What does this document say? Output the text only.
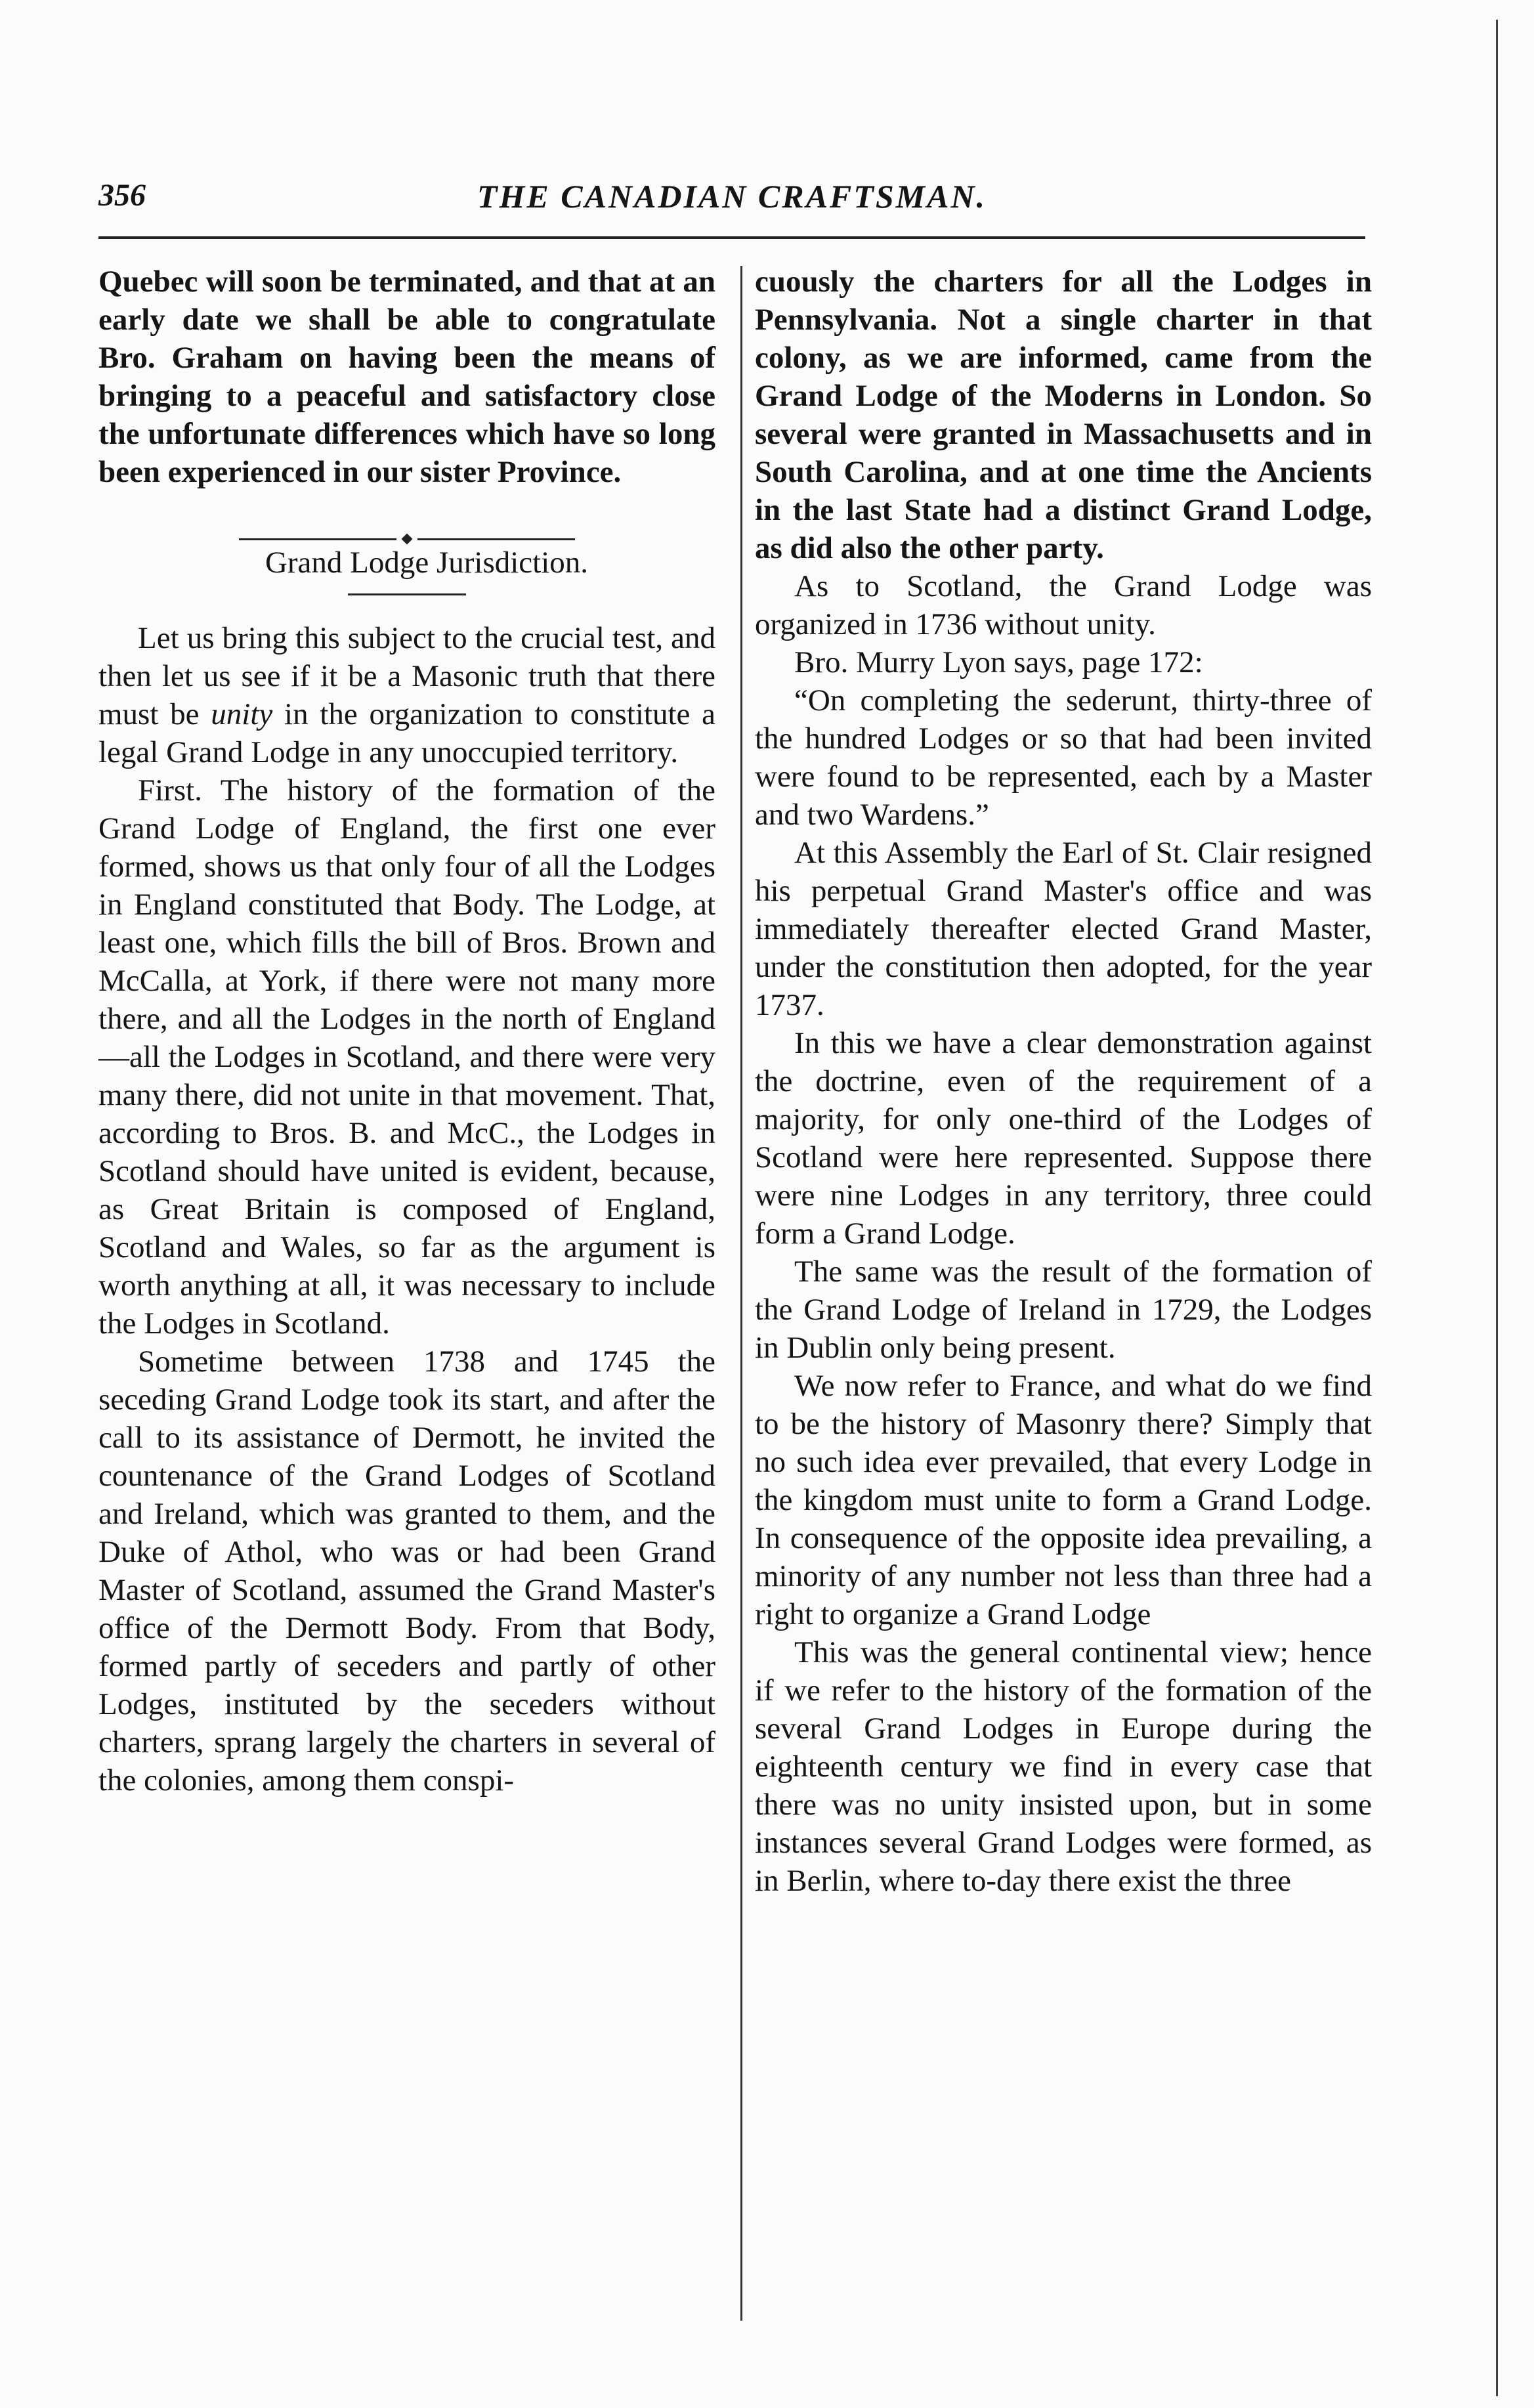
356	THE CANADIAN CRAFTSMAN.

Quebec will soon be terminated, and that at an early date we shall be able to congratulate Bro. Graham on having been the means of bringing to a peaceful and satisfactory close the unfortunate differences which have so long been experienced in our sister Province.

Grand Lodge Jurisdiction.

Let us bring this subject to the crucial test, and then let us see if it be a Masonic truth that there must be unity in the organization to constitute a legal Grand Lodge in any unoccupied territory.

First. The history of the formation of the Grand Lodge of England, the first one ever formed, shows us that only four of all the Lodges in England constituted that Body. The Lodge, at least one, which fills the bill of Bros. Brown and McCalla, at York, if there were not many more there, and all the Lodges in the north of England—all the Lodges in Scotland, and there were very many there, did not unite in that movement. That, according to Bros. B. and McC., the Lodges in Scotland should have united is evident, because, as Great Britain is composed of England, Scotland and Wales, so far as the argument is worth anything at all, it was necessary to include the Lodges in Scotland.

Sometime between 1738 and 1745 the seceding Grand Lodge took its start, and after the call to its assistance of Dermott, he invited the countenance of the Grand Lodges of Scotland and Ireland, which was granted to them, and the Duke of Athol, who was or had been Grand Master of Scotland, assumed the Grand Master's office of the Dermott Body. From that Body, formed partly of seceders and partly of other Lodges, instituted by the seceders without charters, sprang largely the charters in several of the colonies, among them conspi-

cuously the charters for all the Lodges in Pennsylvania. Not a single charter in that colony, as we are informed, came from the Grand Lodge of the Moderns in London. So several were granted in Massachusetts and in South Carolina, and at one time the Ancients in the last State had a distinct Grand Lodge, as did also the other party.

As to Scotland, the Grand Lodge was organized in 1736 without unity.

Bro. Murry Lyon says, page 172:

“On completing the sederunt, thirty-three of the hundred Lodges or so that had been invited were found to be represented, each by a Master and two Wardens.”

At this Assembly the Earl of St. Clair resigned his perpetual Grand Master's office and was immediately thereafter elected Grand Master, under the constitution then adopted, for the year 1737.

In this we have a clear demonstration against the doctrine, even of the requirement of a majority, for only one-third of the Lodges of Scotland were here represented. Suppose there were nine Lodges in any territory, three could form a Grand Lodge.

The same was the result of the formation of the Grand Lodge of Ireland in 1729, the Lodges in Dublin only being present.

We now refer to France, and what do we find to be the history of Masonry there? Simply that no such idea ever prevailed, that every Lodge in the kingdom must unite to form a Grand Lodge. In consequence of the opposite idea prevailing, a minority of any number not less than three had a right to organize a Grand Lodge

This was the general continental view; hence if we refer to the history of the formation of the several Grand Lodges in Europe during the eighteenth century we find in every case that there was no unity insisted upon, but in some instances several Grand Lodges were formed, as in Berlin, where to-day there exist the three
